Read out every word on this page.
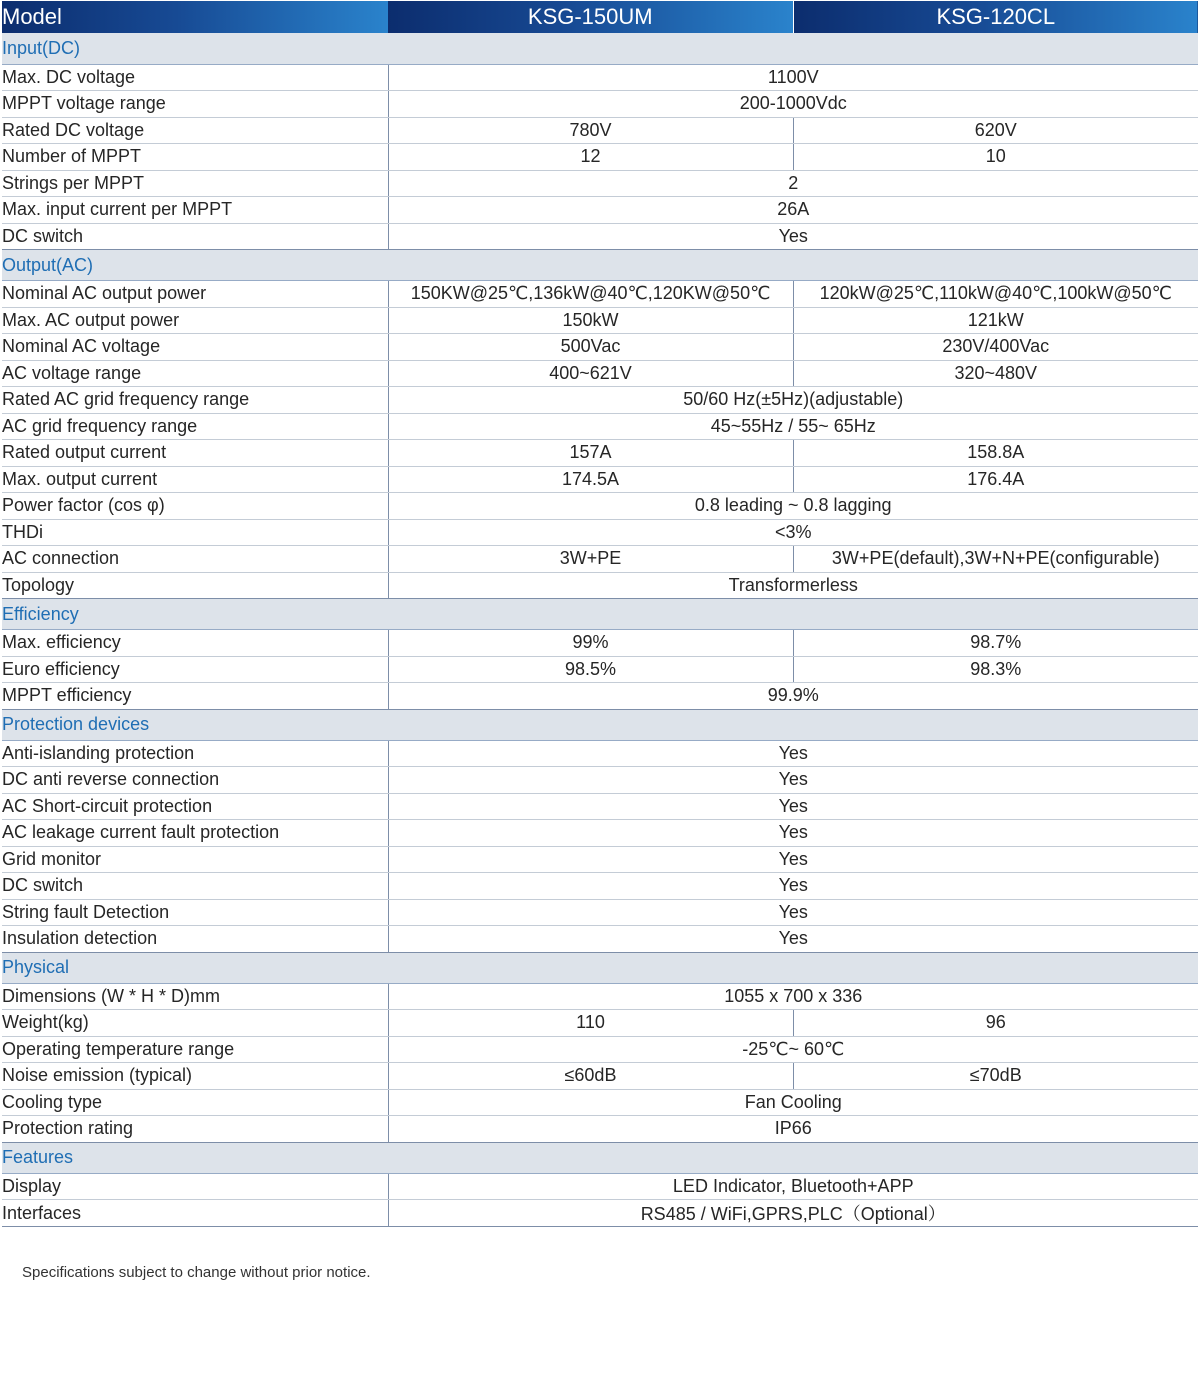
Model	KSG-150UM	KSG-120CL
Input(DC)		
Max. DC voltage	1100V	
MPPT voltage range	200-1000Vdc	
Rated DC voltage	780V	620V
Number of MPPT	12	10
Strings per MPPT	2	
Max. input current per MPPT	26A	
DC switch	Yes	
Output(AC)		
Nominal AC output power	150KW@25℃,136kW@40℃,120KW@50℃	120kW@25℃,110kW@40℃,100kW@50℃
Max. AC output power	150kW	121kW
Nominal AC voltage	500Vac	230V/400Vac
AC voltage range	400~621V	320~480V
Rated AC grid frequency range	50/60 Hz(±5Hz)(adjustable)	
AC grid frequency range	45~55Hz / 55~ 65Hz	
Rated output current	157A	158.8A
Max. output current	174.5A	176.4A
Power factor (cos φ)	0.8 leading ~ 0.8 lagging	
THDi	<3%	
AC connection	3W+PE	3W+PE(default),3W+N+PE(configurable)
Topology	Transformerless	
Efficiency		
Max. efficiency	99%	98.7%
Euro efficiency	98.5%	98.3%
MPPT efficiency	99.9%	
Protection devices		
Anti-islanding protection	Yes	
DC anti reverse connection	Yes	
AC Short-circuit protection	Yes	
AC leakage current fault protection	Yes	
Grid monitor	Yes	
DC switch	Yes	
String fault Detection	Yes	
Insulation detection	Yes	
Physical		
Dimensions (W * H * D)mm	1055 x 700 x 336	
Weight(kg)	110	96
Operating temperature range	-25℃~ 60℃	
Noise emission (typical)	≤60dB	≤70dB
Cooling type	Fan Cooling	
Protection rating	IP66	
Features		
Display	LED Indicator, Bluetooth+APP	
Interfaces	RS485 / WiFi,GPRS,PLC（Optional）	
Specifications subject to change without prior notice.
